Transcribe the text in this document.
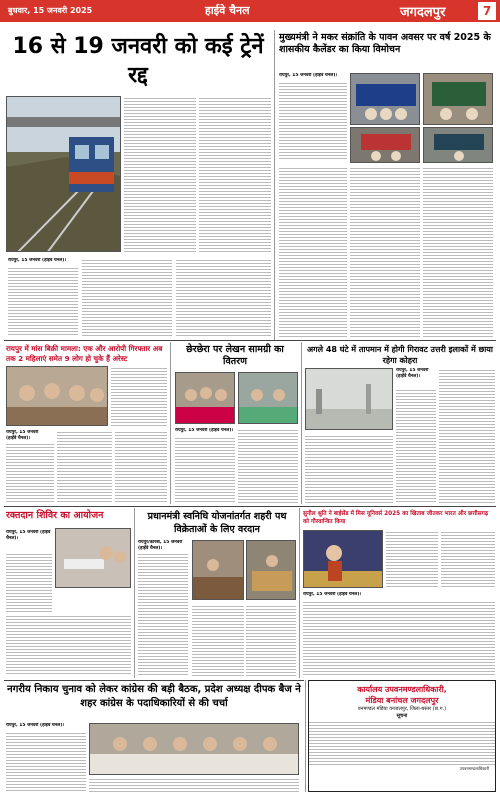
बुधवार, 15 जनवरी 2025	हाईवे चैनल	जगदलपुर	7
16 से 19 जनवरी को कई ट्रेनें रद्द
रायपुर, 15 जनवरी (हाईवे चैनल)।
मुख्यमंत्री ने मकर संक्रांति के पावन अवसर पर वर्ष 2025 के शासकीय कैलेंडर का किया विमोचन
रायपुर, 15 जनवरी (हाईवे चैनल)।
रायपुर में मांस बिक्री मामला: एक और आरोपी गिरफ्तार अब तक 2 महिलाएं समेत 9 लोग हो चुके हैं अरेस्ट
रायपुर, 15 जनवरी (हाईवे चैनल)।
छेरछेरा पर लेखन सामग्री का वितरण
रायपुर, 15 जनवरी (हाईवे चैनल)।
अगले 48 घंटे में तापमान में होगी गिरावट उत्तरी इलाकों में छाया रहेगा कोहरा
रायपुर, 15 जनवरी (हाईवे चैनल)।
रक्तदान शिविर का आयोजन
रायपुर, 15 जनवरी (हाईवे चैनल)।
प्रधानमंत्री स्वनिधि योजनांतर्गत शहरी पथ विक्रेताओं के लिए वरदान
रायपुर/कोरबा, 15 जनवरी (हाईवे चैनल)।
सुनील श्रुति ने बाईसेंड में मिस यूनिवर्स 2025 का खिताब जीतकर भारत और छत्तीसगढ़ को गौरवान्वित किया
रायपुर, 15 जनवरी (हाईवे चैनल)।
नगरीय निकाय चुनाव को लेकर कांग्रेस की बड़ी बैठक, प्रदेश अध्यक्ष दीपक बैज ने शहर कांग्रेस के पदाधिकारियों से की चर्चा
रायपुर, 15 जनवरी (हाईवे चैनल)।
कार्यालय उपवनमण्डलाधिकारी,
मंडिया बनांचल जगदलपुर
वनमण्डल मंडिया वनजलपुर, जिला-बस्तर (छ.ग.)
सूचना
उपवनमण्डलाधिकारी
